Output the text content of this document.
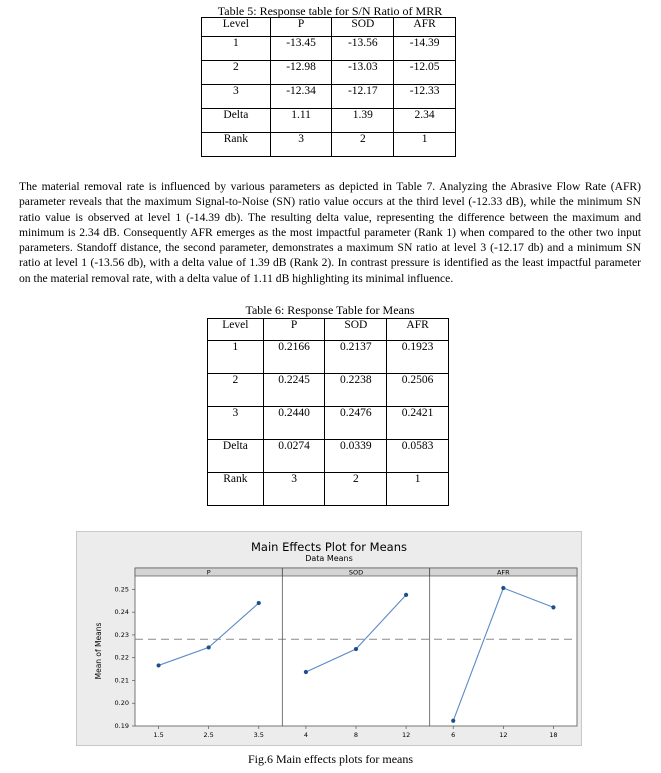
Table 5: Response table for S/N Ratio of MRR
Level	P	SOD	AFR
1	-13.45	-13.56	-14.39
2	-12.98	-13.03	-12.05
3	-12.34	-12.17	-12.33
Delta	1.11	1.39	2.34
Rank	3	2	1
The material removal rate is influenced by various parameters as depicted in Table 7. Analyzing the Abrasive Flow Rate (AFR) parameter reveals that the maximum Signal-to-Noise (SN) ratio value occurs at the third level (-12.33 dB), while the minimum SN ratio value is observed at level 1 (-14.39 db). The resulting delta value, representing the difference between the maximum and minimum is 2.34 dB. Consequently AFR emerges as the most impactful parameter (Rank 1) when compared to the other two input parameters. Standoff distance, the second parameter, demonstrates a maximum SN ratio at level 3 (-12.17 db) and a minimum SN ratio at level 1 (-13.56 db), with a delta value of 1.39 dB (Rank 2). In contrast pressure is identified as the least impactful parameter on the material removal rate, with a delta value of 1.11 dB highlighting its minimal influence.
Table 6: Response Table for Means
Level	P	SOD	AFR
1	0.2166	0.2137	0.1923
2	0.2245	0.2238	0.2506
3	0.2440	0.2476	0.2421
Delta	0.0274	0.0339	0.0583
Rank	3	2	1
Main Effects Plot for Means
Data Means
0.19
0.20
0.21
0.22
0.23
0.24
0.25
Mean of Means
P
1.5	2.5	3.5
SOD
4	8	12
AFR
6	12	18
Fig.6 Main effects plots for means
